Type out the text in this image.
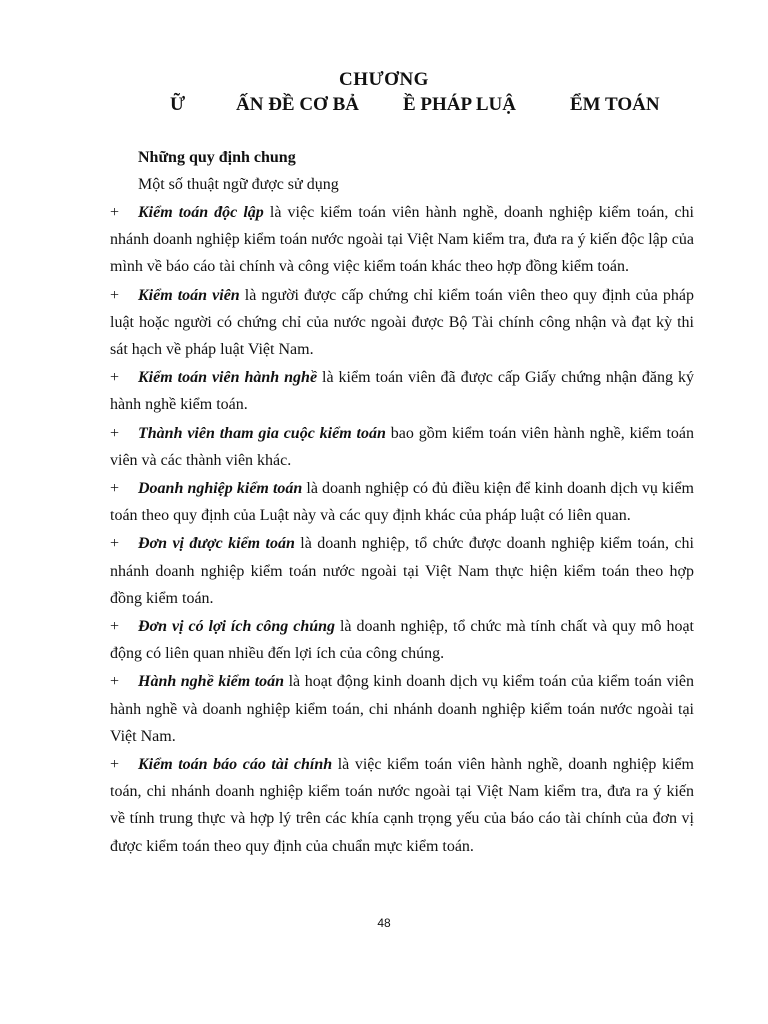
CHƯƠNG
Ữ	ẤN ĐỀ CƠ BẢ Ề PHÁP LUẬ	ỂM TOÁN
Những quy định chung
Một số thuật ngữ được sử dụng

+ Kiểm toán độc lập là việc kiểm toán viên hành nghề, doanh nghiệp kiểm toán, chi nhánh doanh nghiệp kiểm toán nước ngoài tại Việt Nam kiểm tra, đưa ra ý kiến độc lập của mình về báo cáo tài chính và công việc kiểm toán khác theo hợp đồng kiểm toán.

+ Kiểm toán viên là người được cấp chứng chỉ kiểm toán viên theo quy định của pháp luật hoặc người có chứng chỉ của nước ngoài được Bộ Tài chính công nhận và đạt kỳ thi sát hạch về pháp luật Việt Nam.

+ Kiểm toán viên hành nghề là kiểm toán viên đã được cấp Giấy chứng nhận đăng ký hành nghề kiểm toán.

+ Thành viên tham gia cuộc kiểm toán bao gồm kiểm toán viên hành nghề, kiểm toán viên và các thành viên khác.

+ Doanh nghiệp kiểm toán là doanh nghiệp có đủ điều kiện để kinh doanh dịch vụ kiểm toán theo quy định của Luật này và các quy định khác của pháp luật có liên quan.

+ Đơn vị được kiểm toán là doanh nghiệp, tổ chức được doanh nghiệp kiểm toán, chi nhánh doanh nghiệp kiểm toán nước ngoài tại Việt Nam thực hiện kiểm toán theo hợp đồng kiểm toán.

+ Đơn vị có lợi ích công chúng là doanh nghiệp, tổ chức mà tính chất và quy mô hoạt động có liên quan nhiều đến lợi ích của công chúng.

+ Hành nghề kiểm toán là hoạt động kinh doanh dịch vụ kiểm toán của kiểm toán viên hành nghề và doanh nghiệp kiểm toán, chi nhánh doanh nghiệp kiểm toán nước ngoài tại Việt Nam.

+ Kiểm toán báo cáo tài chính là việc kiểm toán viên hành nghề, doanh nghiệp kiểm toán, chi nhánh doanh nghiệp kiểm toán nước ngoài tại Việt Nam kiểm tra, đưa ra ý kiến về tính trung thực và hợp lý trên các khía cạnh trọng yếu của báo cáo tài chính của đơn vị được kiểm toán theo quy định của chuẩn mực kiểm toán.

48
